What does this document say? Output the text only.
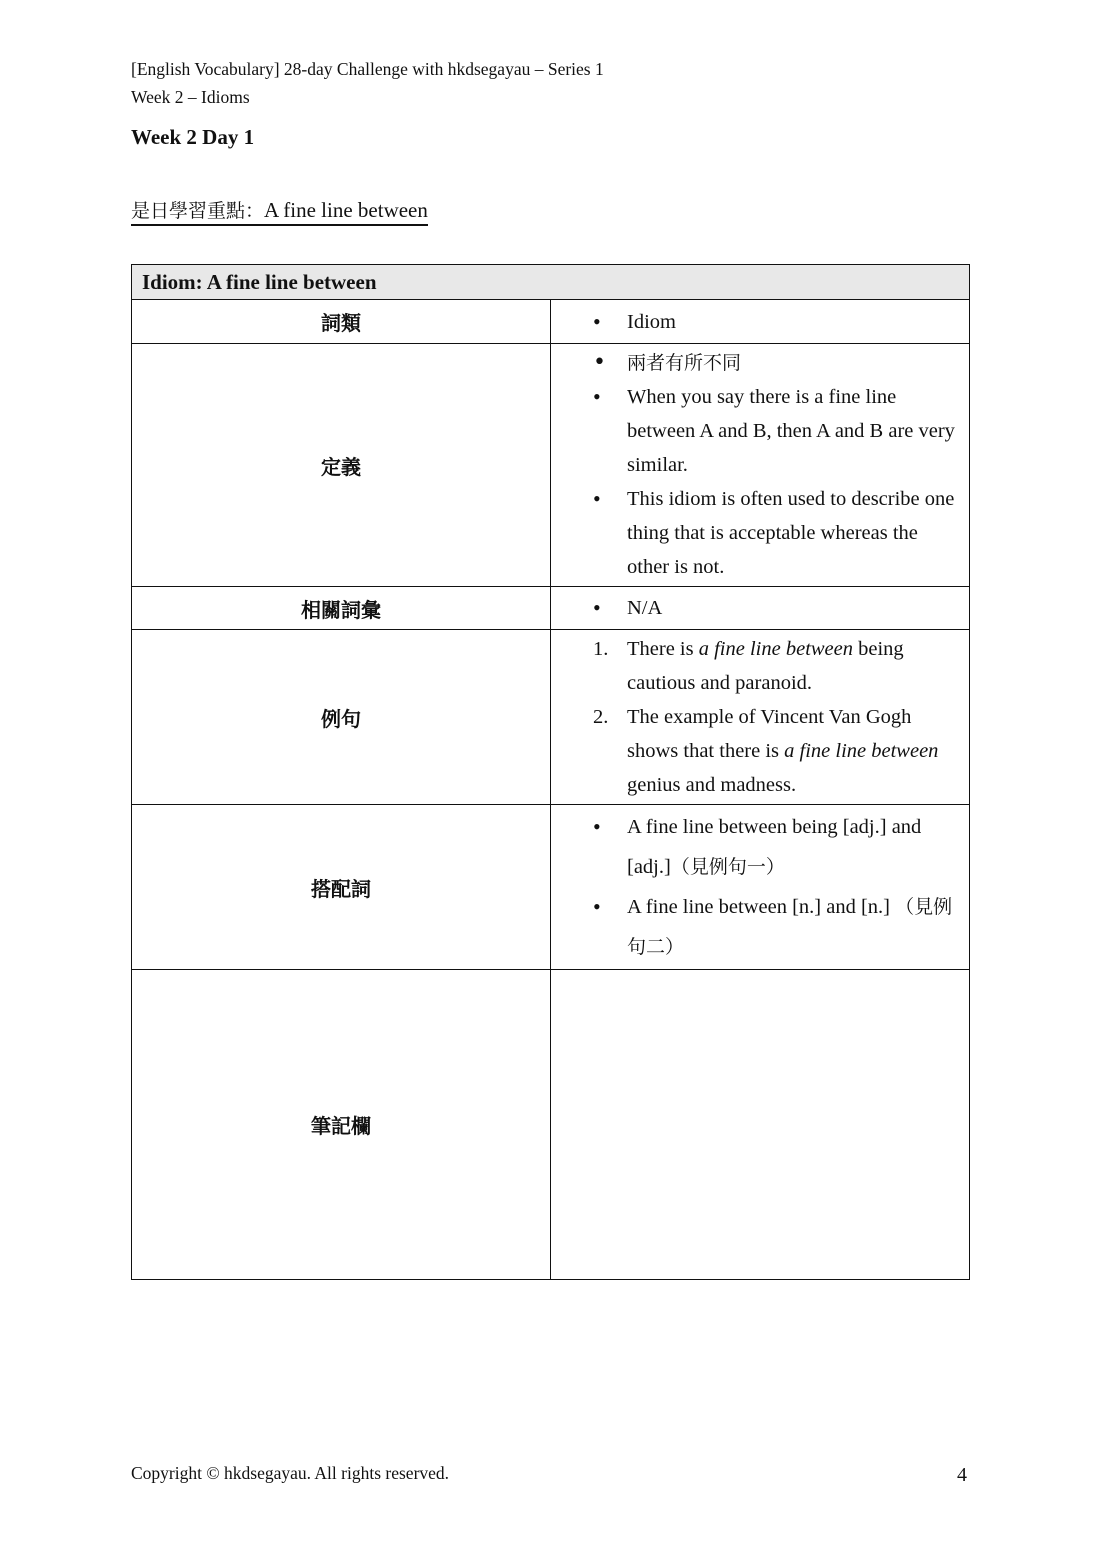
[English Vocabulary] 28-day Challenge with hkdsegayau – Series 1
Week 2 – Idioms
Week 2 Day 1
是日學習重點：A fine line between
Idiom: A fine line between	
詞類	• Idiom

定義	• 兩者有所不同
• When you say there is a fine line between A and B, then A and B are very similar.
• This idiom is often used to describe one thing that is acceptable whereas the other is not.

相關詞彙	• N/A

例句	1. There is a fine line between being cautious and paranoid.
2. The example of Vincent Van Gogh shows that there is a fine line between genius and madness.

搭配詞	• A fine line between being [adj.] and [adj.]（見例句一）
• A fine line between [n.] and [n.] （見例句二）

筆記欄	
Copyright © hkdsegayau. All rights reserved.	4
